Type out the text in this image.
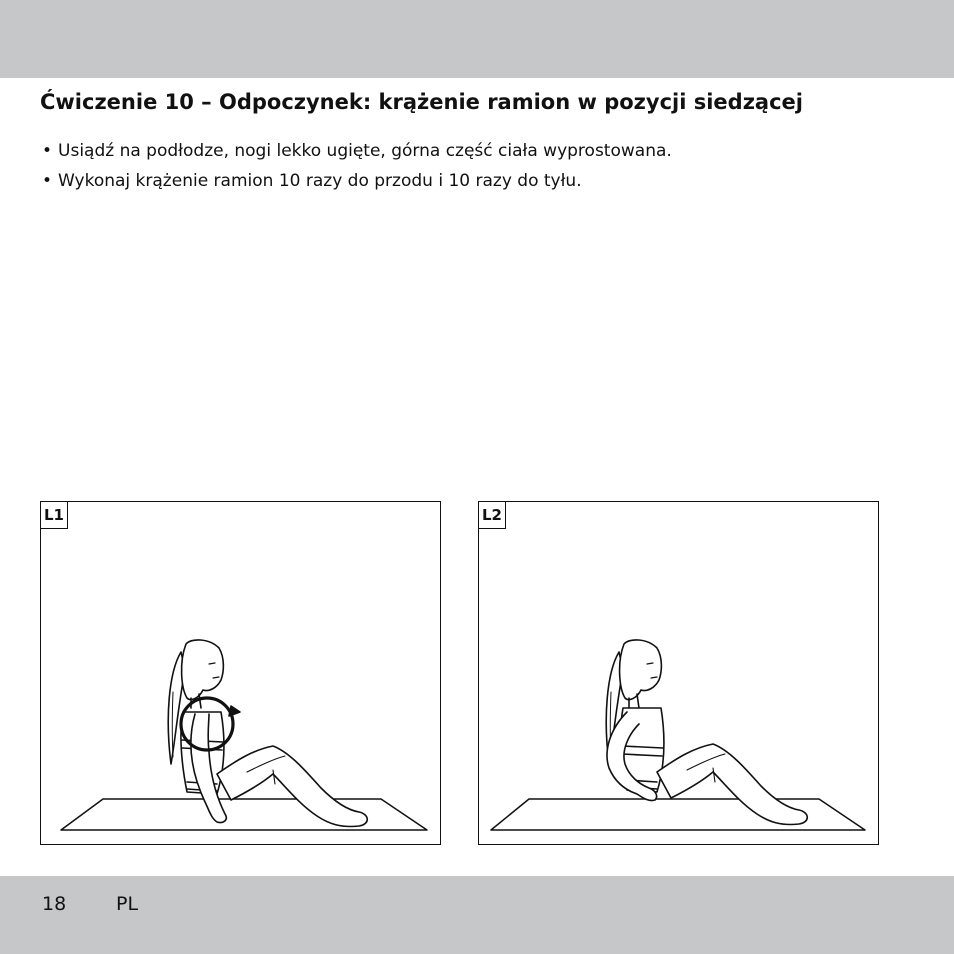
Ćwiczenie 10 – Odpoczynek: krążenie ramion w pozycji siedzącej
• Usiądź na podłodze, nogi lekko ugięte, górna część ciała wyprostowana.
• Wykonaj krążenie ramion 10 razy do przodu i 10 razy do tyłu.
L1	L2
18	PL
